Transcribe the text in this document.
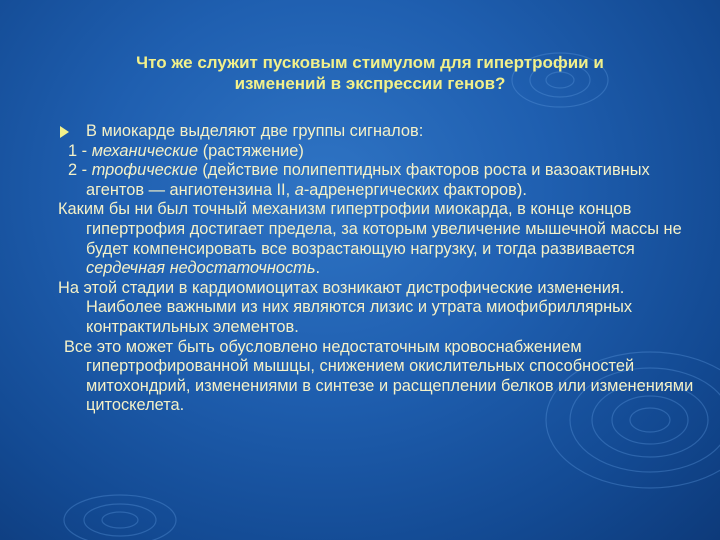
Что же служит пусковым стимулом для гипертрофии и
изменений в экспрессии генов?

В миокарде выделяют две группы сигналов:

1 - механические (растяжение)

2 - трофические (действие полипептидных факторов роста и вазоактивных агентов — ангиотензина II, а-адренергических факторов).

Каким бы ни был точный механизм гипертрофии миокарда, в конце концов гипертрофия достигает предела, за которым увеличение мышечной массы не будет компенсировать все возрастающую нагрузку, и тогда развивается сердечная недостаточность.

На этой стадии в кардиомиоцитах возникают дистрофические изменения. Наиболее важными из них являются лизис и утрата миофибриллярных контрактильных элементов.

Все это может быть обусловлено недостаточным кровоснабжением гипертрофированной мышцы, снижением окислительных способностей митохондрий, изменениями в синтезе и расщеплении белков или изменениями цитоскелета.
